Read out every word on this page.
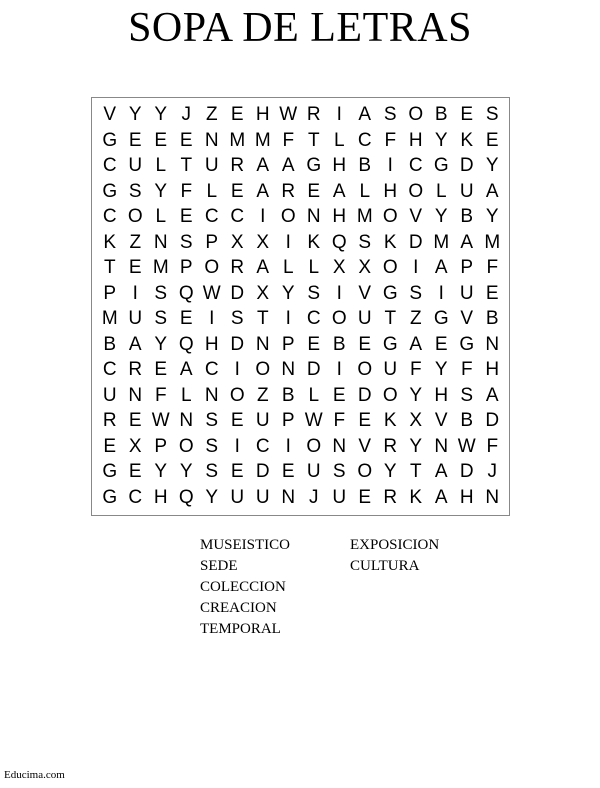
SOPA DE LETRAS
V Y Y J Z E H W R I A S O B E S
G E E E N M M F T L C F H Y K E
C U L T U R A A G H B I C G D Y
G S Y F L E A R E A L H O L U A
C O L E C C I O N H M O V Y B Y
K Z N S P X X I K Q S K D M A M
T E M P O R A L L X X O I A P F
P I S Q W D X Y S I V G S I U E
M U S E I S T I C O U T Z G V B
B A Y Q H D N P E B E G A E G N
C R E A C I O N D I O U F Y F H
U N F L N O Z B L E D O Y H S A
R E W N S E U P W F E K X V B D
E X P O S I C I O N V R Y N W F
G E Y Y S E D E U S O Y T A D J
G C H Q Y U U N J U E R K A H N
MUSEISTICO
SEDE
COLECCION
CREACION
TEMPORAL
EXPOSICION
CULTURA
Educima.com
